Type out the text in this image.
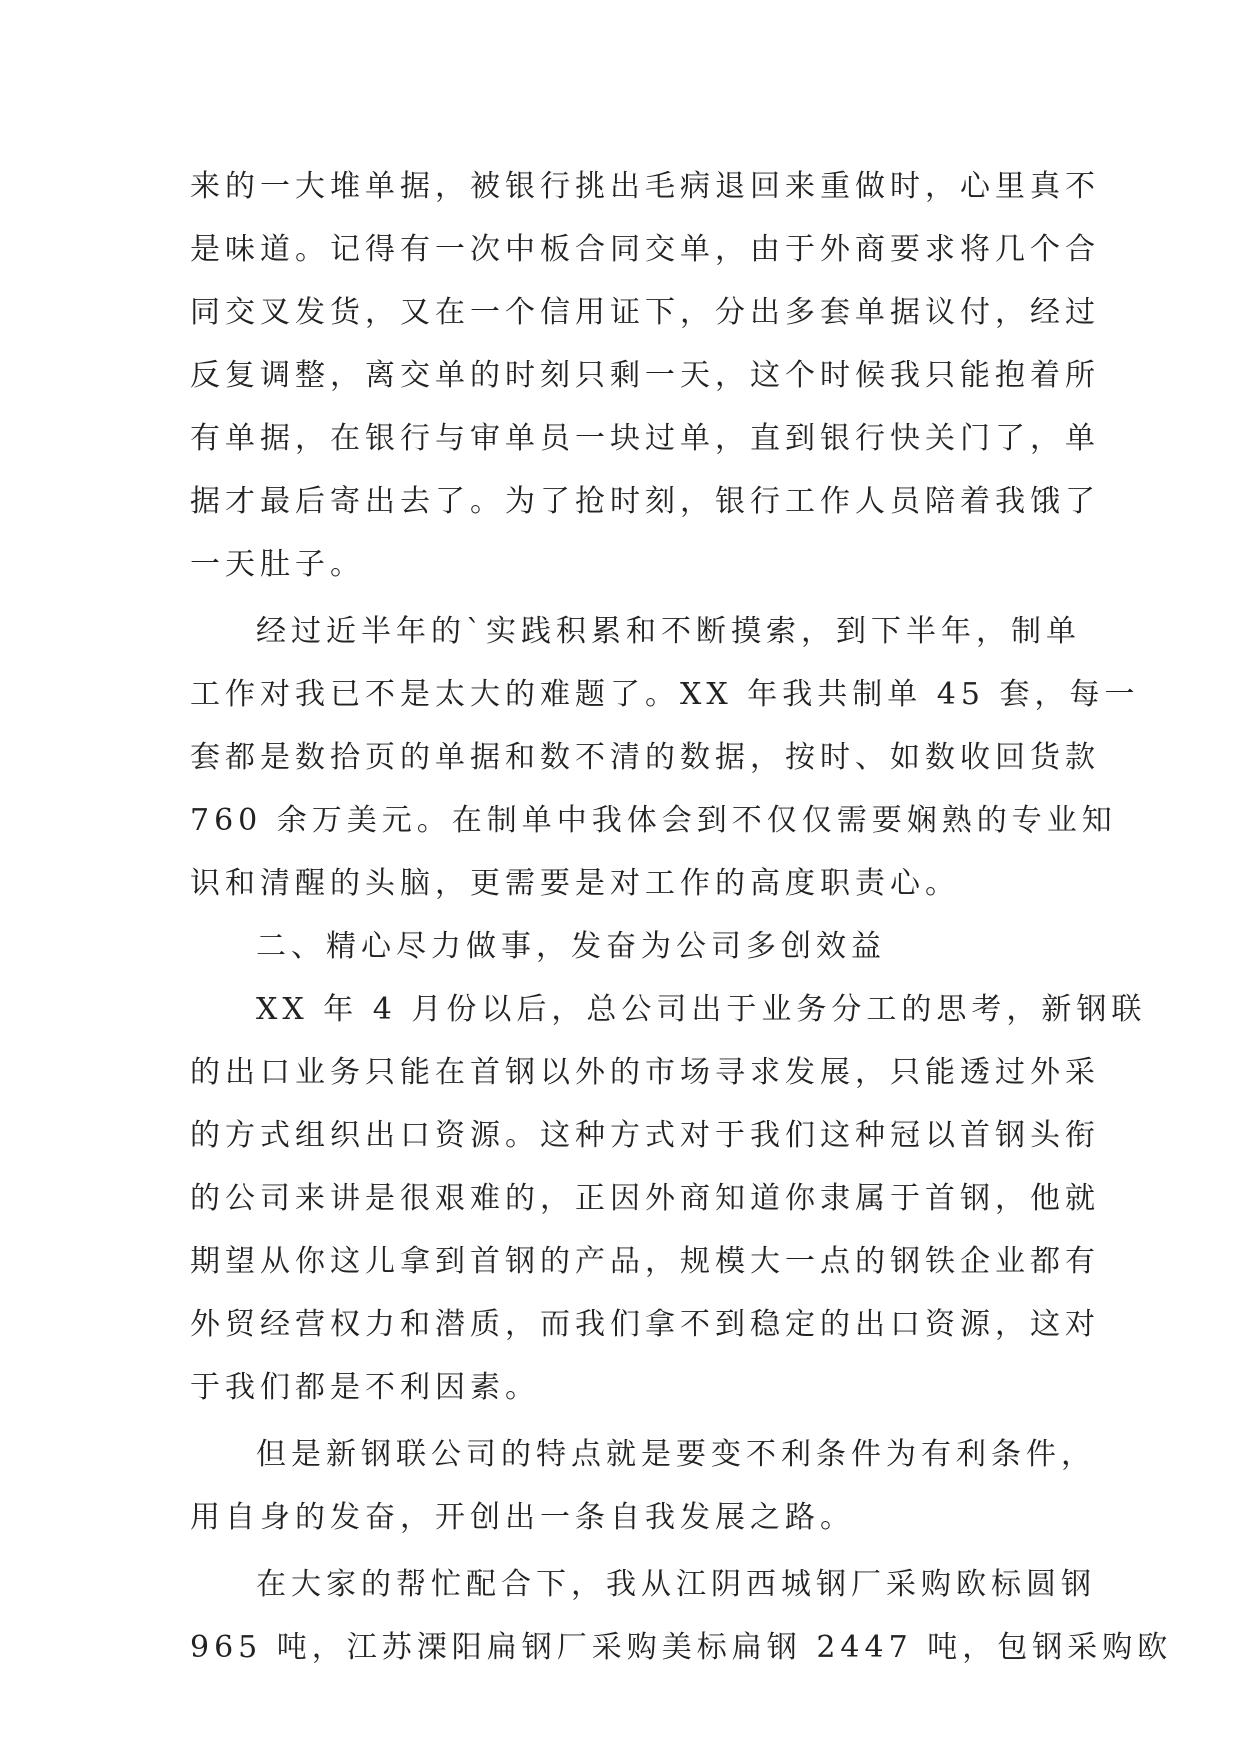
来的一大堆单据，被银行挑出毛病退回来重做时，心里真不
是味道。记得有一次中板合同交单，由于外商要求将几个合
同交叉发货，又在一个信用证下，分出多套单据议付，经过
反复调整，离交单的时刻只剩一天，这个时候我只能抱着所
有单据，在银行与审单员一块过单，直到银行快关门了，单
据才最后寄出去了。为了抢时刻，银行工作人员陪着我饿了
一天肚子。
经过近半年的`实践积累和不断摸索，到下半年，制单
工作对我已不是太大的难题了。XX 年我共制单 45 套，每一
套都是数拾页的单据和数不清的数据，按时、如数收回货款
760 余万美元。在制单中我体会到不仅仅需要娴熟的专业知
识和清醒的头脑，更需要是对工作的高度职责心。
二、精心尽力做事，发奋为公司多创效益
XX 年 4 月份以后，总公司出于业务分工的思考，新钢联
的出口业务只能在首钢以外的市场寻求发展，只能透过外采
的方式组织出口资源。这种方式对于我们这种冠以首钢头衔
的公司来讲是很艰难的，正因外商知道你隶属于首钢，他就
期望从你这儿拿到首钢的产品，规模大一点的钢铁企业都有
外贸经营权力和潜质，而我们拿不到稳定的出口资源，这对
于我们都是不利因素。
但是新钢联公司的特点就是要变不利条件为有利条件，
用自身的发奋，开创出一条自我发展之路。
在大家的帮忙配合下，我从江阴西城钢厂采购欧标圆钢
965 吨，江苏溧阳扁钢厂采购美标扁钢 2447 吨，包钢采购欧
